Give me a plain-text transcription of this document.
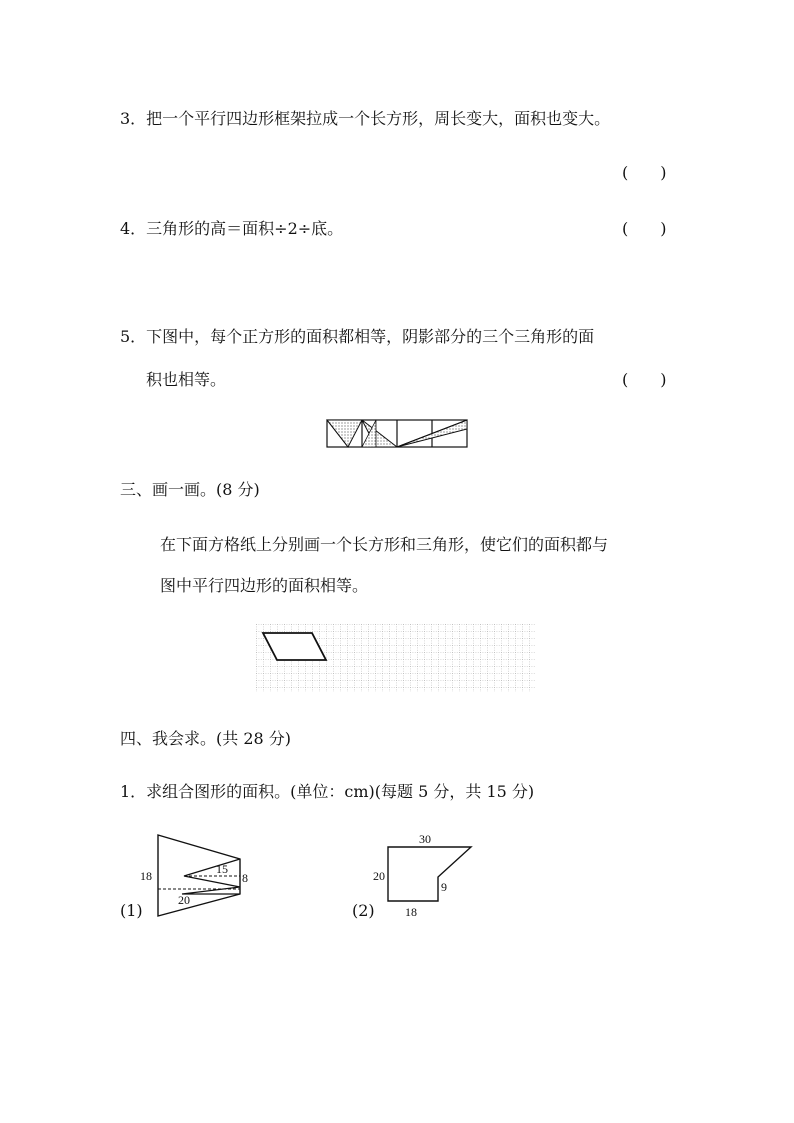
3．把一个平行四边形框架拉成一个长方形，周长变大，面积也变大。
(　　)
4．三角形的高＝面积÷2÷底。	(　　)
5．下图中，每个正方形的面积都相等，阴影部分的三个三角形的面
积也相等。	(　　)
三、画一画。(8 分)
在下面方格纸上分别画一个长方形和三角形，使它们的面积都与
图中平行四边形的面积相等。
四、我会求。(共 28 分)
1．求组合图形的面积。(单位：cm)(每题 5 分，共 15 分)
(1)
18	15
8
20
(2)
30
20
9
18
